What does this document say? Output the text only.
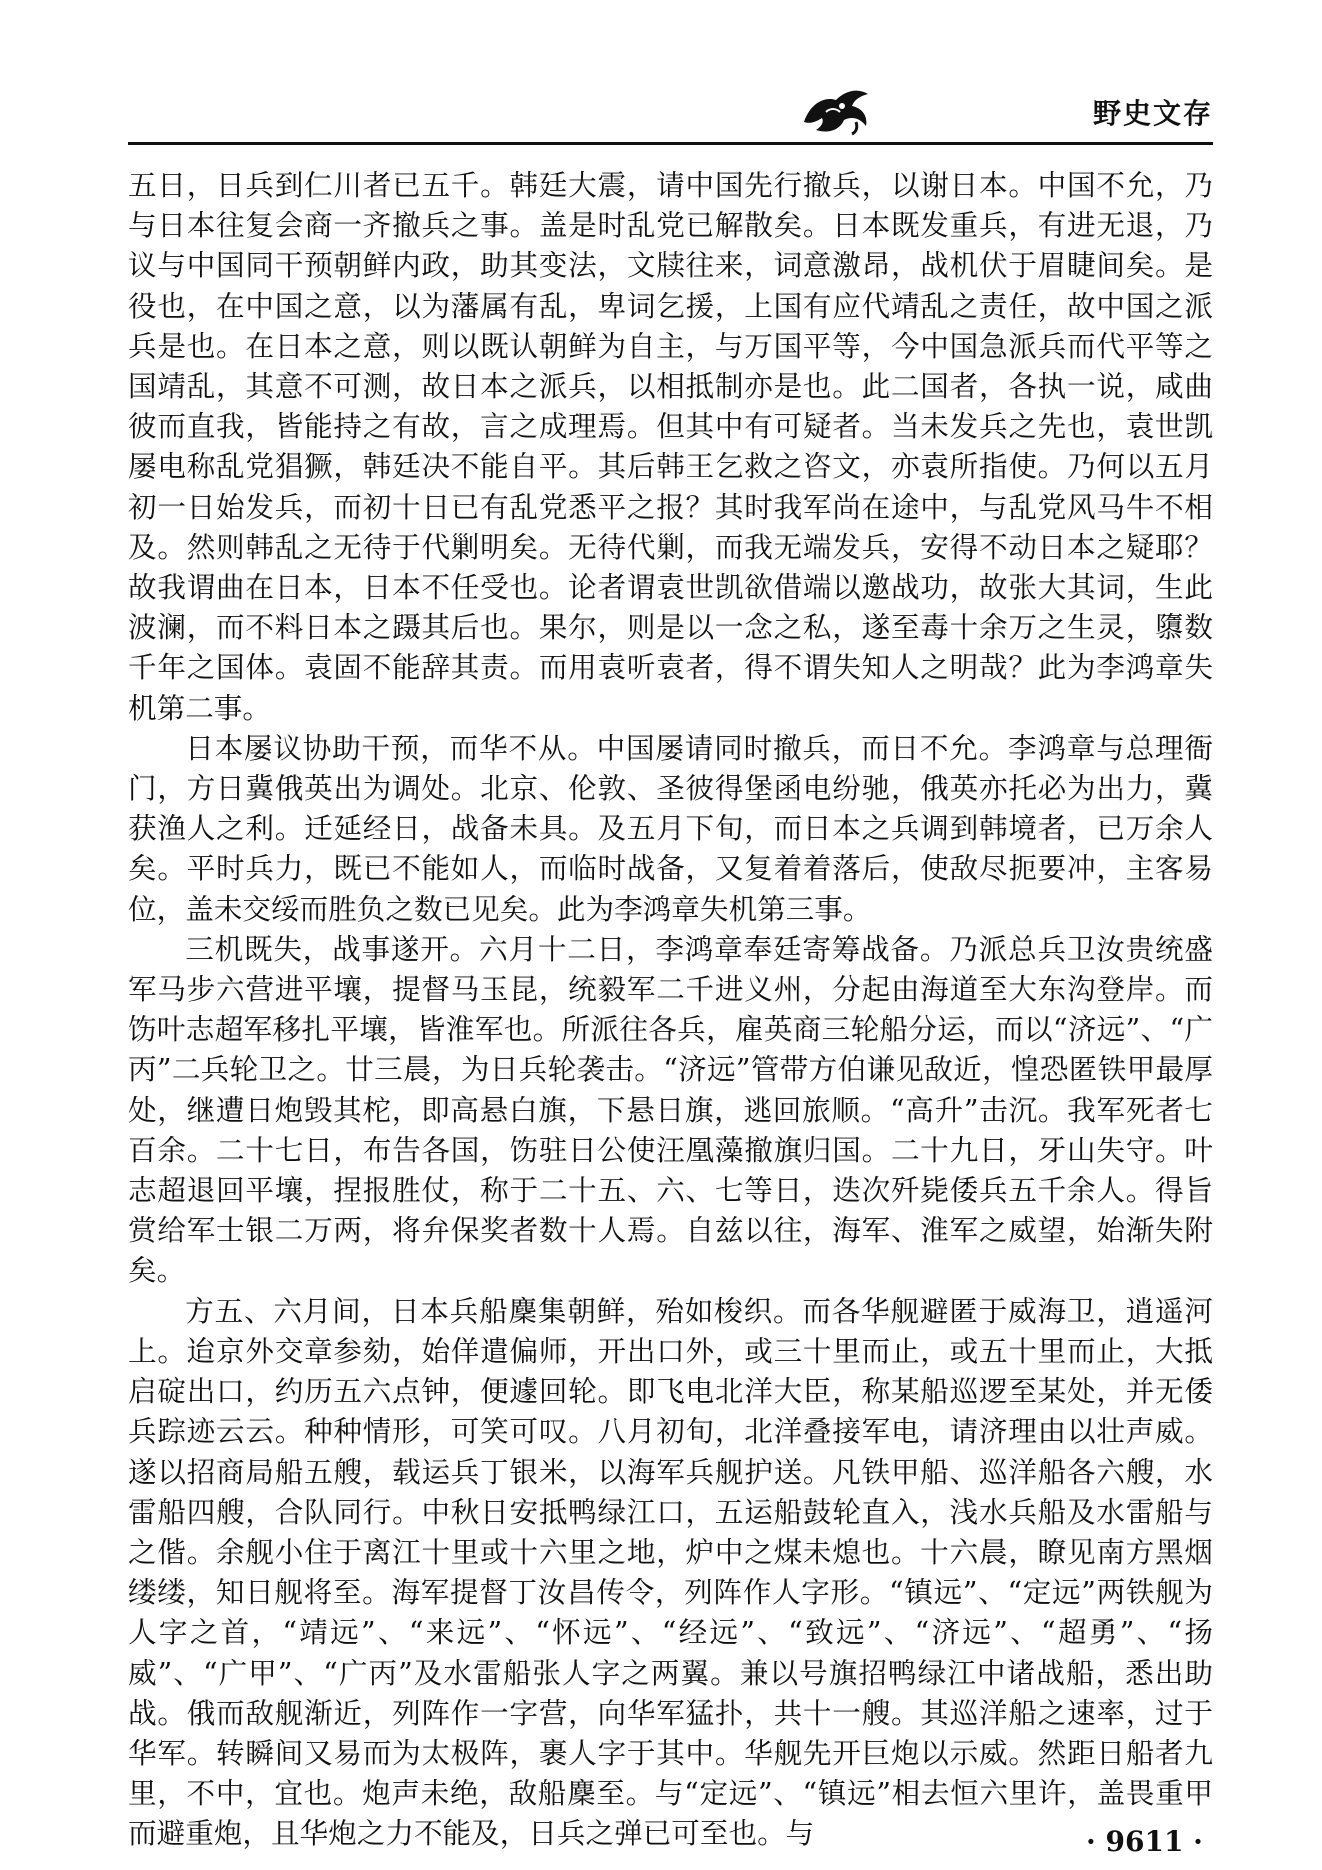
野史文存

五日，日兵到仁川者已五千。韩廷大震，请中国先行撤兵，以谢日本。中国不允，乃与日本往复会商一齐撤兵之事。盖是时乱党已解散矣。日本既发重兵，有进无退，乃议与中国同干预朝鲜内政，助其变法，文牍往来，词意激昂，战机伏于眉睫间矣。是役也，在中国之意，以为藩属有乱，卑词乞援，上国有应代靖乱之责任，故中国之派兵是也。在日本之意，则以既认朝鲜为自主，与万国平等，今中国急派兵而代平等之国靖乱，其意不可测，故日本之派兵，以相抵制亦是也。此二国者，各执一说，咸曲彼而直我，皆能持之有故，言之成理焉。但其中有可疑者。当未发兵之先也，袁世凯屡电称乱党猖獗，韩廷决不能自平。其后韩王乞救之咨文，亦袁所指使。乃何以五月初一日始发兵，而初十日已有乱党悉平之报？其时我军尚在途中，与乱党风马牛不相及。然则韩乱之无待于代剿明矣。无待代剿，而我无端发兵，安得不动日本之疑耶？故我谓曲在日本，日本不任受也。论者谓袁世凯欲借端以邀战功，故张大其词，生此波澜，而不料日本之蹑其后也。果尔，则是以一念之私，遂至毒十余万之生灵，隳数千年之国体。袁固不能辞其责。而用袁听袁者，得不谓失知人之明哉？此为李鸿章失机第二事。

日本屡议协助干预，而华不从。中国屡请同时撤兵，而日不允。李鸿章与总理衙门，方日冀俄英出为调处。北京、伦敦、圣彼得堡函电纷驰，俄英亦托必为出力，冀获渔人之利。迁延经日，战备未具。及五月下旬，而日本之兵调到韩境者，已万余人矣。平时兵力，既已不能如人，而临时战备，又复着着落后，使敌尽扼要冲，主客易位，盖未交绥而胜负之数已见矣。此为李鸿章失机第三事。

三机既失，战事遂开。六月十二日，李鸿章奉廷寄筹战备。乃派总兵卫汝贵统盛军马步六营进平壤，提督马玉昆，统毅军二千进义州，分起由海道至大东沟登岸。而饬叶志超军移扎平壤，皆淮军也。所派往各兵，雇英商三轮船分运，而以“济远”、“广丙”二兵轮卫之。廿三晨，为日兵轮袭击。“济远”管带方伯谦见敌近，惶恐匿铁甲最厚处，继遭日炮毁其柁，即高悬白旗，下悬日旗，逃回旅顺。“高升”击沉。我军死者七百余。二十七日，布告各国，饬驻日公使汪凰藻撤旗归国。二十九日，牙山失守。叶志超退回平壤，捏报胜仗，称于二十五、六、七等日，迭次歼毙倭兵五千余人。得旨赏给军士银二万两，将弁保奖者数十人焉。自兹以往，海军、淮军之威望，始渐失附矣。

方五、六月间，日本兵船麇集朝鲜，殆如梭织。而各华舰避匿于威海卫，逍遥河上。迨京外交章参劾，始佯遣偏师，开出口外，或三十里而止，或五十里而止，大抵启碇出口，约历五六点钟，便遽回轮。即飞电北洋大臣，称某船巡逻至某处，并无倭兵踪迹云云。种种情形，可笑可叹。八月初旬，北洋叠接军电，请济理由以壮声威。遂以招商局船五艘，载运兵丁银米，以海军兵舰护送。凡铁甲船、巡洋船各六艘，水雷船四艘，合队同行。中秋日安抵鸭绿江口，五运船鼓轮直入，浅水兵船及水雷船与之偕。余舰小住于离江十里或十六里之地，炉中之煤未熄也。十六晨，瞭见南方黑烟缕缕，知日舰将至。海军提督丁汝昌传令，列阵作人字形。“镇远”、“定远”两铁舰为人字之首，“靖远”、“来远”、“怀远”、“经远”、“致远”、“济远”、“超勇”、“扬威”、“广甲”、“广丙”及水雷船张人字之两翼。兼以号旗招鸭绿江中诸战船，悉出助战。俄而敌舰渐近，列阵作一字营，向华军猛扑，共十一艘。其巡洋船之速率，过于华军。转瞬间又易而为太极阵，裹人字于其中。华舰先开巨炮以示威。然距日船者九里，不中，宜也。炮声未绝，敌船麇至。与“定远”、“镇远”相去恒六里许，盖畏重甲而避重炮，且华炮之力不能及，日兵之弹已可至也。与	· 9611 ·
